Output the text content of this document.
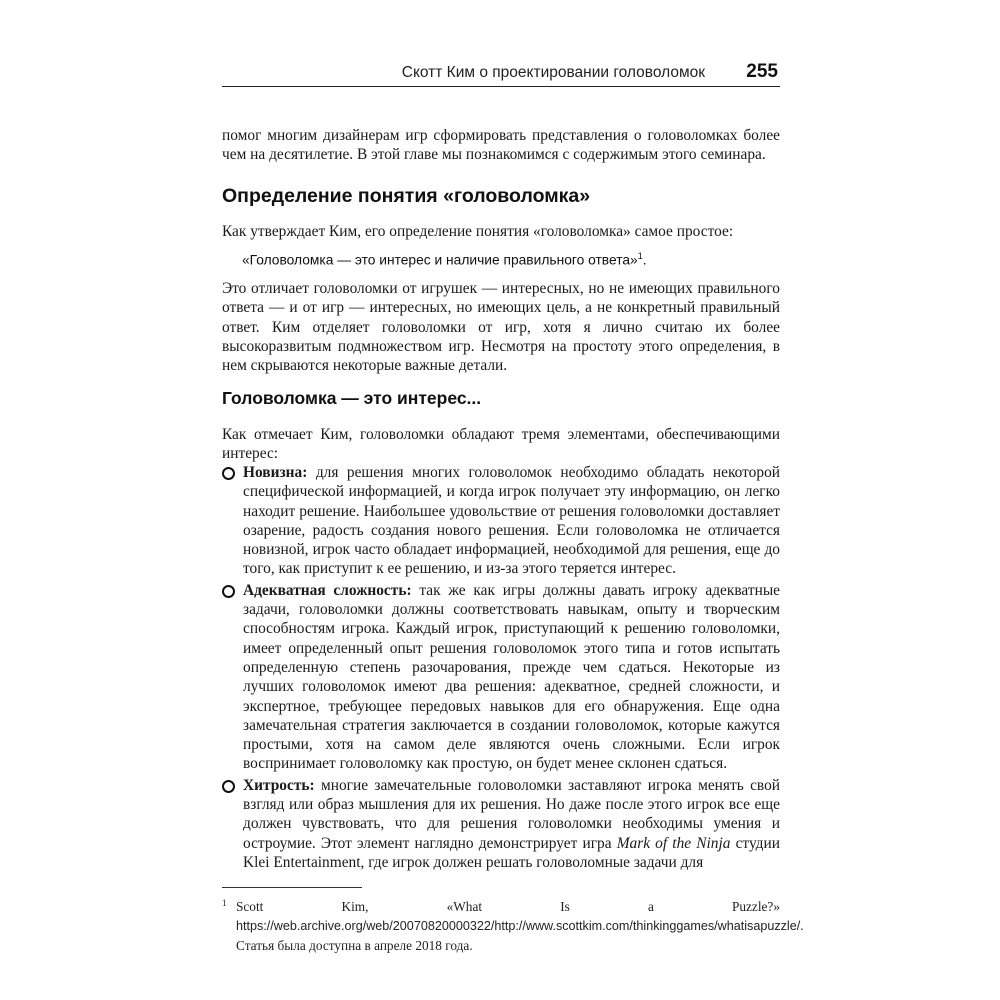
Скотт Ким о проектировании головоломок 255

помог многим дизайнерам игр сформировать представления о головоломках более чем на десятилетие. В этой главе мы познакомимся с содержимым этого семинара.

Определение понятия «головоломка»

Как утверждает Ким, его определение понятия «головоломка» самое простое:

«Головоломка — это интерес и наличие правильного ответа»$^1$.

Это отличает головоломки от игрушек — интересных, но не имеющих правильного ответа — и от игр — интересных, но имеющих цель, а не конкретный правильный ответ. Ким отделяет головоломки от игр, хотя я лично считаю их более высокоразвитым подмножеством игр. Несмотря на простоту этого определения, в нем скрываются некоторые важные детали.

Головоломка — это интерес...

Как отмечает Ким, головоломки обладают тремя элементами, обеспечивающими интерес:

Новизна: для решения многих головоломок необходимо обладать некоторой специфической информацией, и когда игрок получает эту информацию, он легко находит решение. Наибольшее удовольствие от решения головоломки доставляет озарение, радость создания нового решения. Если головоломка не отличается новизной, игрок часто обладает информацией, необходимой для решения, еще до того, как приступит к ее решению, и из-за этого теряется интерес.
Адекватная сложность: так же как игры должны давать игроку адекватные задачи, головоломки должны соответствовать навыкам, опыту и творческим способностям игрока. Каждый игрок, приступающий к решению головоломки, имеет определенный опыт решения головоломок этого типа и готов испытать определенную степень разочарования, прежде чем сдаться. Некоторые из лучших головоломок имеют два решения: адекватное, средней сложности, и экспертное, требующее передовых навыков для его обнаружения. Еще одна замечательная стратегия заключается в создании головоломок, которые кажутся простыми, хотя на самом деле являются очень сложными. Если игрок воспринимает головоломку как простую, он будет менее склонен сдаться.
Хитрость: многие замечательные головоломки заставляют игрока менять свой взгляд или образ мышления для их решения. Но даже после этого игрок все еще должен чувствовать, что для решения головоломки необходимы умения и остроумие. Этот элемент наглядно демонстрирует игра Mark of the Ninja студии Klei Entertainment, где игрок должен решать головоломные задачи для
1 Scott Kim, «What Is a Puzzle?» https://web.archive.org/web/20070820000322/http://www.scottkim.com/thinkinggames/whatisapuzzle/. Статья была доступна в апреле 2018 года.
